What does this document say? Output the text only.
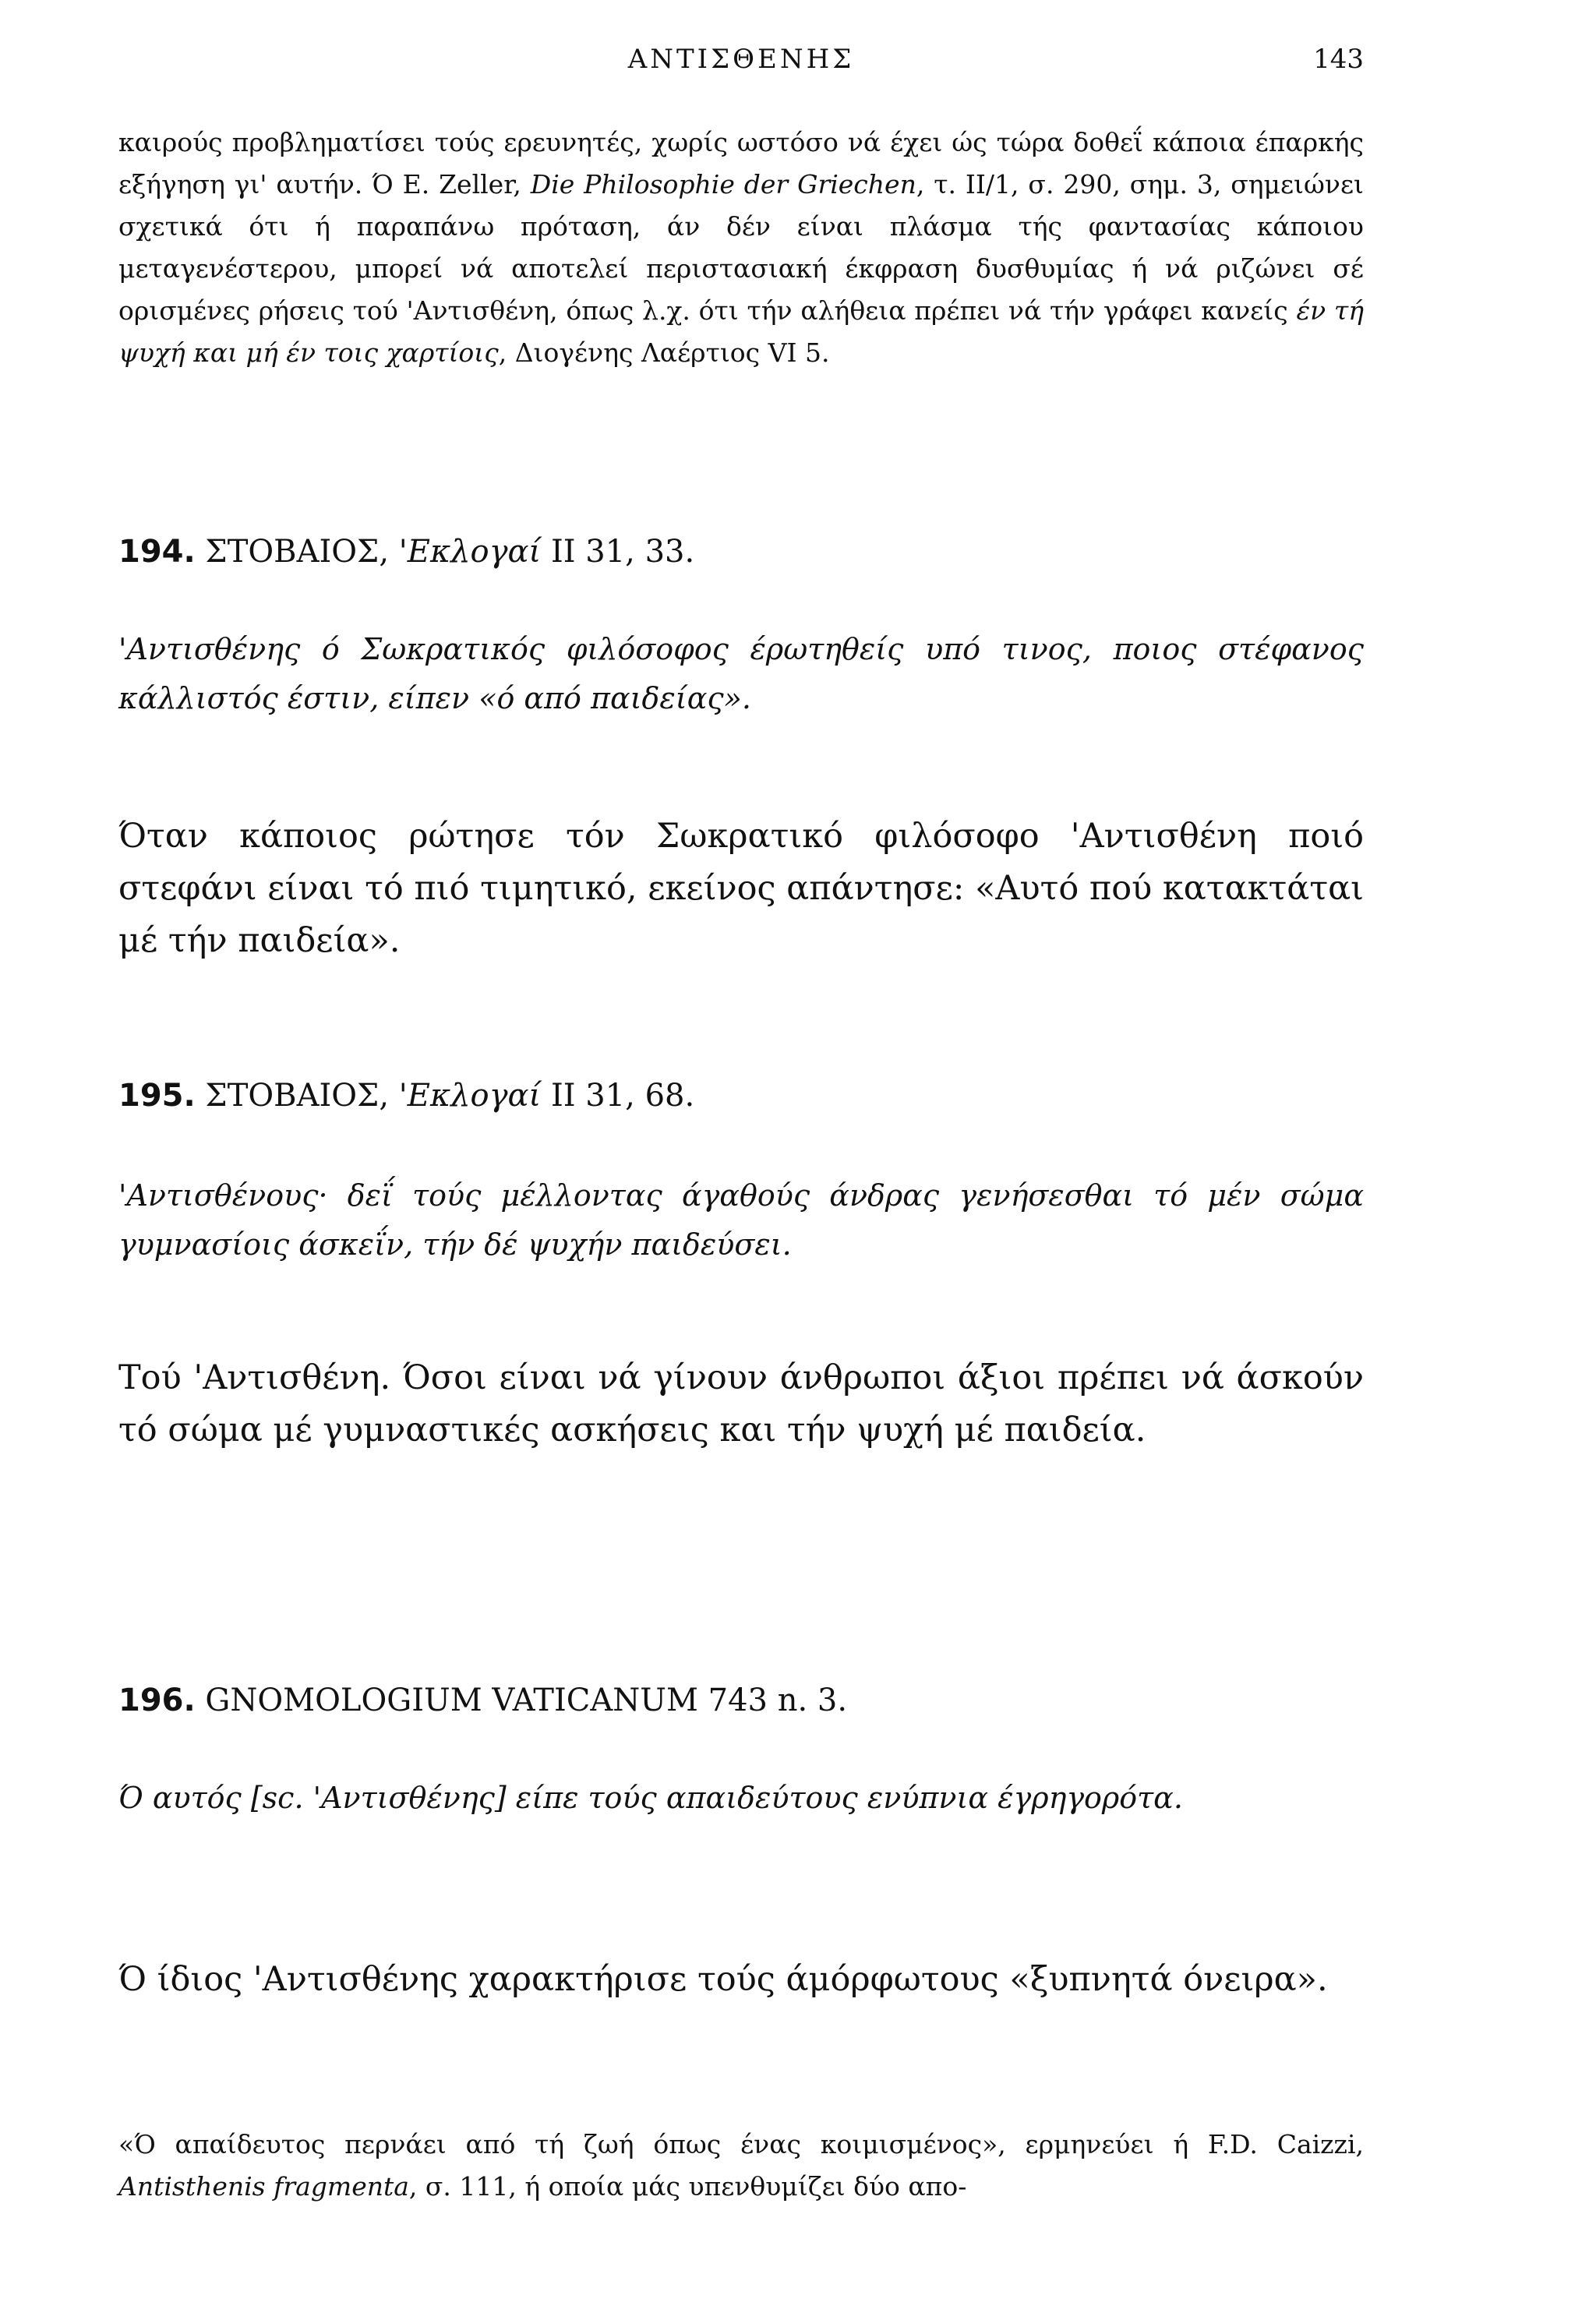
ΑΝΤΙΣΘΕΝΗΣ	143

καιρούς προβληματίσει τούς ερευνητές, χωρίς ωστόσο νά έχει ώς τώρα δοθεΐ κάποια έπαρκής εξήγηση γι' αυτήν. Ό Ε. Zeller, Die Philosophie der Griechen, τ. II/1, σ. 290, σημ. 3, σημειώνει σχετικά ότι ή παραπάνω πρόταση, άν δέν είναι πλάσμα τής φαντασίας κάποιου μεταγενέστερου, μπορεί νά αποτελεί περιστασιακή έκφραση δυσθυμίας ή νά ριζώνει σέ ορισμένες ρήσεις τού 'Αντισθένη, όπως λ.χ. ότι τήν αλήθεια πρέπει νά τήν γράφει κανείς έν τή ψυχή και μή έν τοις χαρτίοις, Διογένης Λαέρτιος VI 5.

194. ΣΤΟΒΑΙΟΣ, 'Εκλογαί II 31, 33.

'Αντισθένης ό Σωκρατικός φιλόσοφος έρωτηθείς υπό τινος, ποιος στέφανος κάλλιστός έστιν, είπεν «ό από παιδείας».

Όταν κάποιος ρώτησε τόν Σωκρατικό φιλόσοφο 'Αντισθένη ποιό στεφάνι είναι τό πιό τιμητικό, εκείνος απάντησε: «Αυτό πού κατακτάται μέ τήν παιδεία».

195. ΣΤΟΒΑΙΟΣ, 'Εκλογαί II 31, 68.

'Αντισθένους· δεΐ τούς μέλλοντας άγαθούς άνδρας γενήσεσθαι τό μέν σώμα γυμνασίοις άσκεΐν, τήν δέ ψυχήν παιδεύσει.

Τού 'Αντισθένη. Όσοι είναι νά γίνουν άνθρωποι άξιοι πρέπει νά άσκούν τό σώμα μέ γυμναστικές ασκήσεις και τήν ψυχή μέ παιδεία.

196. GNOMOLOGIUM VATICANUM 743 n. 3.

Ό αυτός [sc. 'Αντισθένης] είπε τούς απαιδεύτους ενύπνια έγρηγορότα.

Ό ίδιος 'Αντισθένης χαρακτήρισε τούς άμόρφωτους «ξυπνητά όνειρα».

«Ό απαίδευτος περνάει από τή ζωή όπως ένας κοιμισμένος», ερμηνεύει ή F.D. Caizzi, Antisthenis fragmenta, σ. 111, ή οποία μάς υπενθυμίζει δύο απο-
